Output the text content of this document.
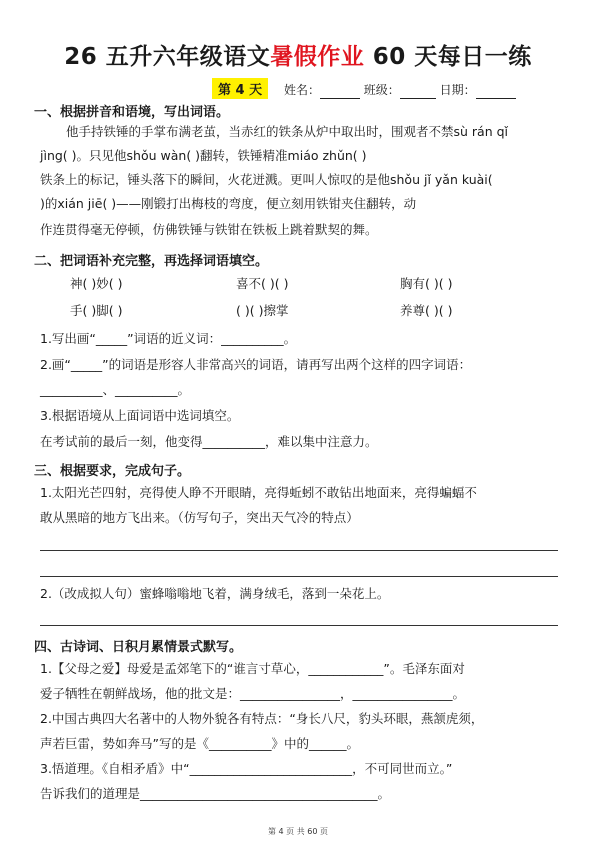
26 五升六年级语文暑假作业 60 天每日一练
第 4 天 姓名：	班级：	日期：
一、根据拼音和语境，写出词语。
他手持铁锤的手掌布满老茧，当赤红的铁条从炉中取出时，围观者不禁sù rán qǐ
jìng( )。只见他shǒu wàn( )翻转，铁锤精准miáo zhǔn( )
铁条上的标记，锤头落下的瞬间，火花迸溅。更叫人惊叹的是他shǒu jǐ yǎn kuài(
)的xián jiē( )——刚锻打出梅枝的弯度，便立刻用铁钳夹住翻转，动
作连贯得毫无停顿，仿佛铁锤与铁钳在铁板上跳着默契的舞。
二、把词语补充完整，再选择词语填空。
神( )妙( )	喜不( )( )	胸有( )( )
手( )脚( )	( )( )擦掌	养尊( )( )
1.写出画“_____”词语的近义词：__________。
2.画“_____”的词语是形容人非常高兴的词语，请再写出两个这样的四字词语：
__________、__________。
3.根据语境从上面词语中选词填空。
在考试前的最后一刻，他变得__________，难以集中注意力。
三、根据要求，完成句子。
1.太阳光芒四射，亮得使人睁不开眼睛，亮得蚯蚓不敢钻出地面来，亮得蝙蝠不
敢从黑暗的地方飞出来。（仿写句子，突出天气冷的特点）
2.（改成拟人句）蜜蜂嗡嗡地飞着，满身绒毛，落到一朵花上。
四、古诗词、日积月累情景式默写。
1.【父母之爱】母爱是孟郊笔下的“谁言寸草心，____________”。毛泽东面对
爱子牺牲在朝鲜战场，他的批文是：________________，________________。
2.中国古典四大名著中的人物外貌各有特点：“身长八尺，豹头环眼，燕颔虎须，
声若巨雷，势如奔马”写的是《__________》中的______。
3.悟道理。《自相矛盾》中“__________________________，不可同世而立。”
告诉我们的道理是______________________________________。
第 4 页 共 60 页
